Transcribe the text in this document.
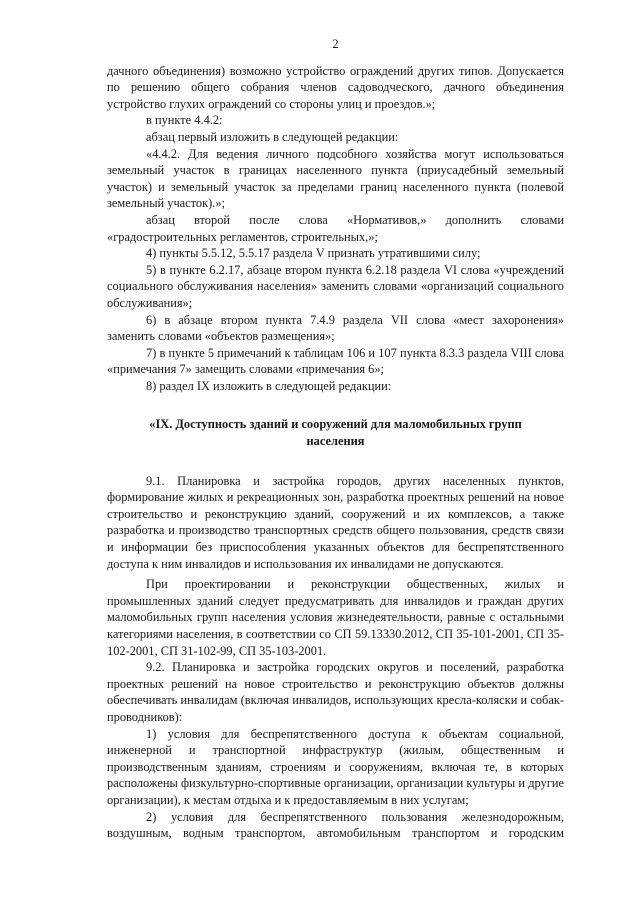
2

дачного объединения) возможно устройство ограждений других типов. Допускается по решению общего собрания членов садоводческого, дачного объединения устройство глухих ограждений со стороны улиц и проездов.»;

в пункте 4.4.2:

абзац первый изложить в следующей редакции:

«4.4.2. Для ведения личного подсобного хозяйства могут использоваться земельный участок в границах населенного пункта (приусадебный земельный участок) и земельный участок за пределами границ населенного пункта (полевой земельный участок).»;

абзац второй после слова «Нормативов,» дополнить словами «градостроительных регламентов, строительных,»;

4) пункты 5.5.12, 5.5.17 раздела V признать утратившими силу;

5) в пункте 6.2.17, абзаце втором пункта 6.2.18 раздела VI слова «учреждений социального обслуживания населения» заменить словами «организаций социального обслуживания»;

6) в абзаце втором пункта 7.4.9 раздела VII слова «мест захоронения» заменить словами «объектов размещения»;

7) в пункте 5 примечаний к таблицам 106 и 107 пункта 8.3.3 раздела VIII слова «примечания 7» замещить словами «примечания 6»;

8) раздел IX изложить в следующей редакции:

«IX. Доступность зданий и сооружений для маломобильных групп населения

9.1. Планировка и застройка городов, других населенных пунктов, формирование жилых и рекреационных зон, разработка проектных решений на новое строительство и реконструкцию зданий, сооружений и их комплексов, а также разработка и производство транспортных средств общего пользования, средств связи и информации без приспособления указанных объектов для беспрепятственного доступа к ним инвалидов и использования их инвалидами не допускаются.

При проектировании и реконструкции общественных, жилых и промышленных зданий следует предусматривать для инвалидов и граждан других маломобильных групп населения условия жизнедеятельности, равные с остальными категориями населения, в соответствии со СП 59.13330.2012, СП 35-101-2001, СП 35-102-2001, СП 31-102-99, СП 35-103-2001.

9.2. Планировка и застройка городских округов и поселений, разработка проектных решений на новое строительство и реконструкцию объектов должны обеспечивать инвалидам (включая инвалидов, использующих кресла-коляски и собак-проводников):

1) условия для беспрепятственного доступа к объектам социальной, инженерной и транспортной инфраструктур (жилым, общественным и производственным зданиям, строениям и сооружениям, включая те, в которых расположены физкультурно-спортивные организации, организации культуры и другие организации), к местам отдыха и к предоставляемым в них услугам;

2) условия для беспрепятственного пользования железнодорожным, воздушным, водным транспортом, автомобильным транспортом и городским
